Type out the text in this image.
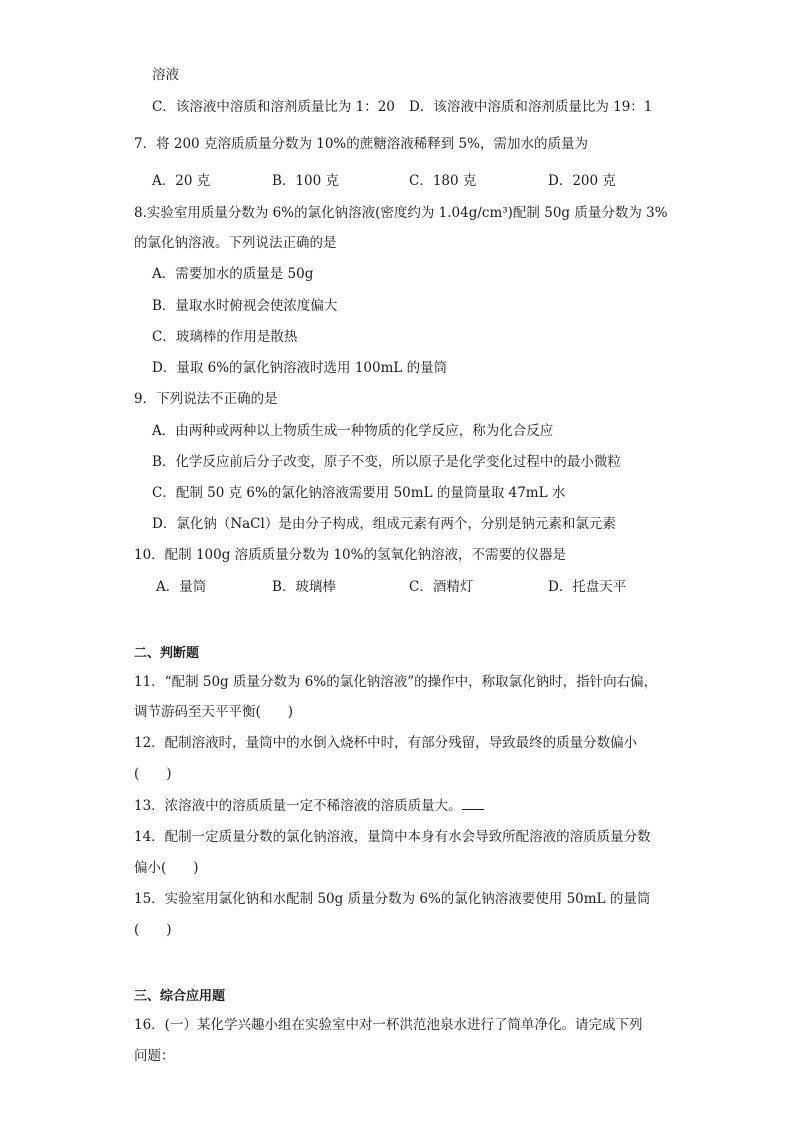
溶液
C．该溶液中溶质和溶剂质量比为 1：20 D．该溶液中溶质和溶剂质量比为 19：1
7．将 200 克溶质质量分数为 10%的蔗糖溶液稀释到 5%，需加水的质量为
A．20 克	B．100 克	C．180 克	D．200 克
8.实验室用质量分数为 6%的氯化钠溶液(密度约为 1.04g/cm³)配制 50g 质量分数为 3%
的氯化钠溶液。下列说法正确的是
A．需要加水的质量是 50g
B．量取水时俯视会使浓度偏大
C．玻璃棒的作用是散热
D．量取 6%的氯化钠溶液时选用 100mL 的量筒
9．下列说法不正确的是
A．由两种或两种以上物质生成一种物质的化学反应，称为化合反应
B．化学反应前后分子改变，原子不变，所以原子是化学变化过程中的最小微粒
C．配制 50 克 6%的氯化钠溶液需要用 50mL 的量筒量取 47mL 水
D．氯化钠（NaCl）是由分子构成，组成元素有两个，分别是钠元素和氯元素
10．配制 100g 溶质质量分数为 10%的氢氧化钠溶液，不需要的仪器是
A．量筒	B．玻璃棒	C．酒精灯	D．托盘天平
二、判断题
11．“配制 50g 质量分数为 6%的氯化钠溶液”的操作中，称取氯化钠时，指针向右偏，
调节游码至天平平衡(　　)
12．配制溶液时，量筒中的水倒入烧杯中时，有部分残留，导致最终的质量分数偏小
(　　)
13．浓溶液中的溶质质量一定不稀溶液的溶质质量大。
14．配制一定质量分数的氯化钠溶液，量筒中本身有水会导致所配溶液的溶质质量分数
偏小(　　)
15．实验室用氯化钠和水配制 50g 质量分数为 6%的氯化钠溶液要使用 50mL 的量筒
(　　)
三、综合应用题
16．(一）某化学兴趣小组在实验室中对一杯洪范池泉水进行了简单净化。请完成下列
问题：
